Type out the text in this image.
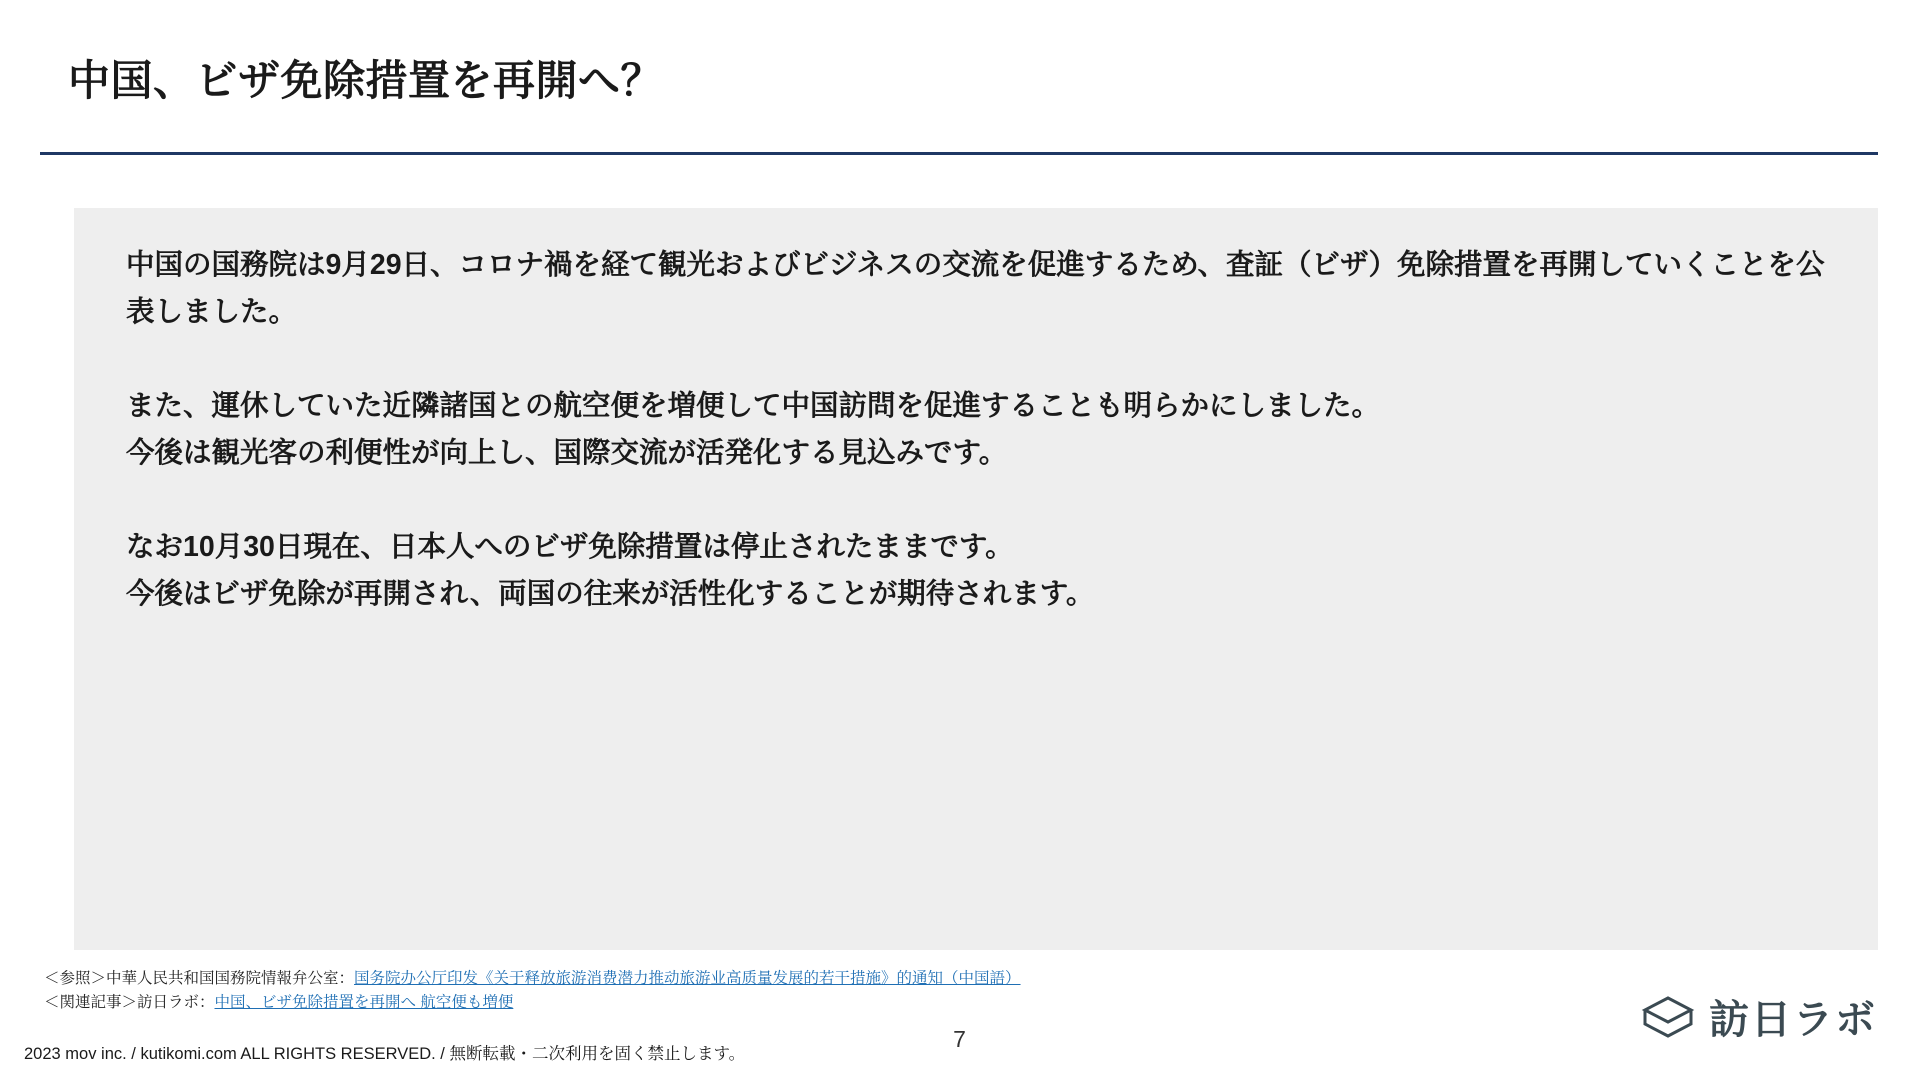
中国、ビザ免除措置を再開へ？

中国の国務院は9月29日、コロナ禍を経て観光およびビジネスの交流を促進するため、査証（ビザ）免除措置を再開していくことを公表しました。

また、運休していた近隣諸国との航空便を増便して中国訪問を促進することも明らかにしました。

今後は観光客の利便性が向上し、国際交流が活発化する見込みです。

なお10月30日現在、日本人へのビザ免除措置は停止されたままです。

今後はビザ免除が再開され、両国の往来が活性化することが期待されます。

＜参照＞中華人民共和国国務院情報弁公室：国务院办公厅印发《关于释放旅游消费潜力推动旅游业高质量发展的若干措施》的通知（中国語）
＜関連記事＞訪日ラボ：中国、ビザ免除措置を再開へ 航空便も増便
2023 mov inc. / kutikomi.com ALL RIGHTS RESERVED. / 無断転載・二次利用を固く禁止します。
7	訪日ラボ
